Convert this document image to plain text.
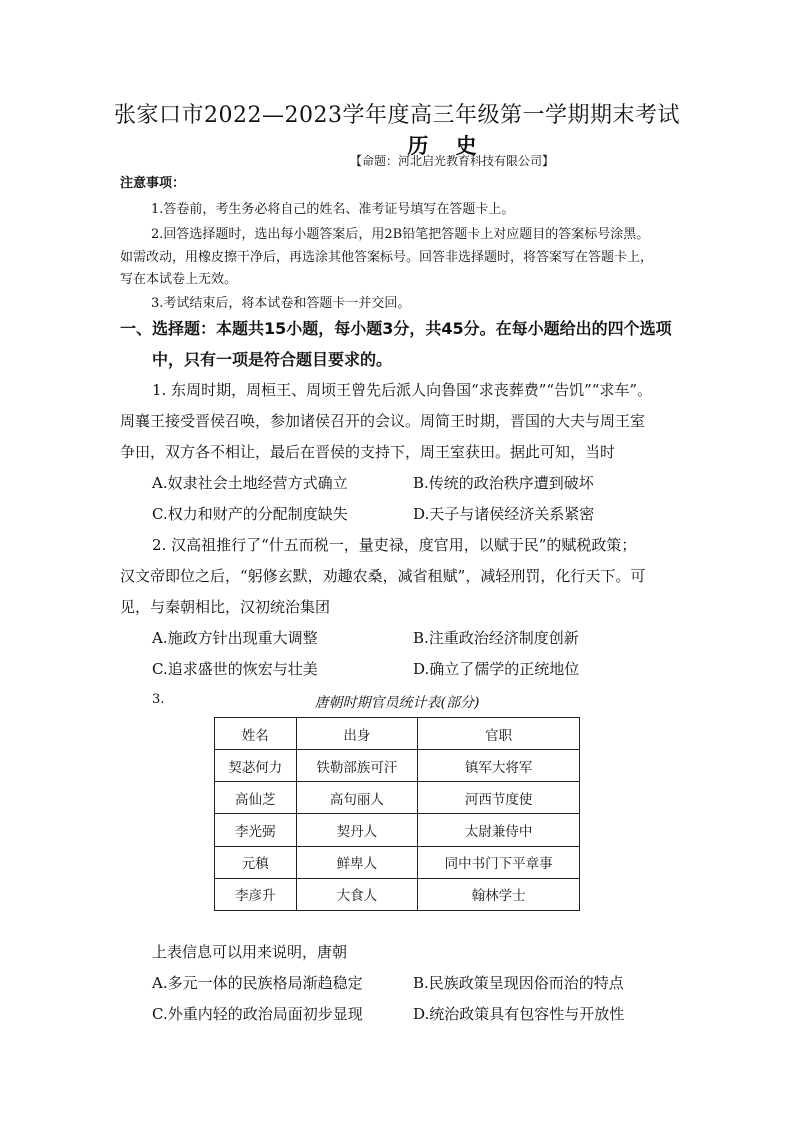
张家口市2022—2023学年度高三年级第一学期期末考试
历 史
【命题：河北启光教育科技有限公司】
注意事项：
1.答卷前，考生务必将自己的姓名、准考证号填写在答题卡上。
2.回答选择题时，选出每小题答案后，用2B铅笔把答题卡上对应题目的答案标号涂黑。
如需改动，用橡皮擦干净后，再选涂其他答案标号。回答非选择题时，将答案写在答题卡上，
写在本试卷上无效。
3.考试结束后，将本试卷和答题卡一并交回。
一、选择题：本题共15小题，每小题3分，共45分。在每小题给出的四个选项
中，只有一项是符合题目要求的。
1. 东周时期，周桓王、周顷王曾先后派人向鲁国“求丧葬费”“告饥”“求车”。
周襄王接受晋侯召唤，参加诸侯召开的会议。周简王时期，晋国的大夫与周王室
争田，双方各不相让，最后在晋侯的支持下，周王室获田。据此可知，当时
A.奴隶社会土地经营方式确立	B.传统的政治秩序遭到破坏
C.权力和财产的分配制度缺失	D.天子与诸侯经济关系紧密
2. 汉高祖推行了“什五而税一，量吏禄，度官用，以赋于民”的赋税政策；
汉文帝即位之后，“躬修玄默，劝趣农桑，减省租赋”，减轻刑罚，化行天下。可
见，与秦朝相比，汉初统治集团
A.施政方针出现重大调整	B.注重政治经济制度创新
C.追求盛世的恢宏与壮美	D.确立了儒学的正统地位
3.	唐朝时期官员统计表(部分)
姓名	出身	官职
契苾何力	铁勒部族可汗	镇军大将军
高仙芝	高句丽人	河西节度使
李光弼	契丹人	太尉兼侍中
元稹	鲜卑人	同中书门下平章事
李彦升	大食人	翰林学士
上表信息可以用来说明，唐朝
A.多元一体的民族格局渐趋稳定	B.民族政策呈现因俗而治的特点
C.外重内轻的政治局面初步显现	D.统治政策具有包容性与开放性
